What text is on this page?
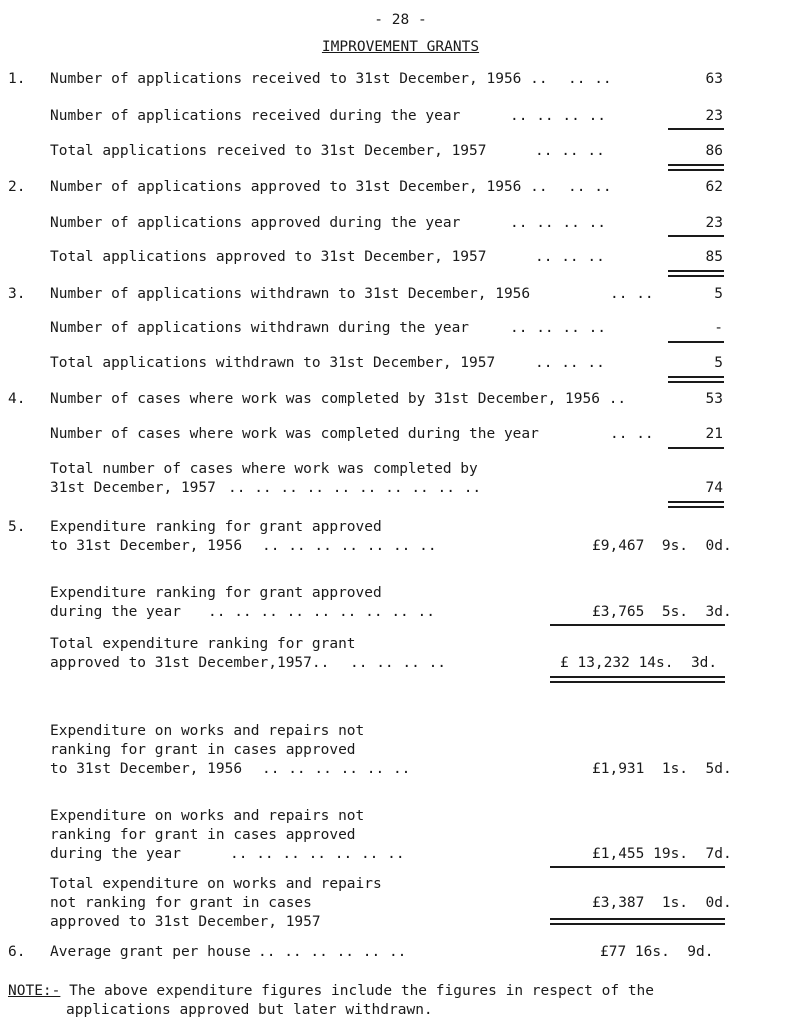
- 28 -
IMPROVEMENT GRANTS
1.	Number of applications received to 31st December, 1956 .. .. ..	63
Number of applications received during the year	.. .. .. ..	23
Total applications received to 31st December, 1957	.. .. ..	86
2.	Number of applications approved to 31st December, 1956 .. .. ..	62
Number of applications approved during the year	.. .. .. ..	23
Total applications approved to 31st December, 1957	.. .. ..	85
3.	Number of applications withdrawn to 31st December, 1956	.. ..	5
Number of applications withdrawn during the year	.. .. .. ..	-
Total applications withdrawn to 31st December, 1957	.. .. ..	5
4.	Number of cases where work was completed by 31st December, 1956 ..	53
Number of cases where work was completed during the year	.. ..	21
Total number of cases where work was completed by
31st December, 1957 .. .. .. .. .. .. .. .. .. ..	74
5.	Expenditure ranking for grant approved
to 31st December, 1956 .. .. .. .. .. .. ..	£9,467  9s.  0d.
Expenditure ranking for grant approved
during the year .. .. .. .. .. .. .. .. ..	£3,765  5s.  3d.
Total expenditure ranking for grant
approved to 31st December,1957.. .. .. .. ..	£ 13,232 14s.  3d.
Expenditure on works and repairs not
ranking for grant in cases approved
to 31st December, 1956 .. .. .. .. .. ..	£1,931  1s.  5d.
Expenditure on works and repairs not
ranking for grant in cases approved
during the year	.. .. .. .. .. .. ..	£1,455 19s.  7d.
Total expenditure on works and repairs
not ranking for grant in cases	£3,387  1s.  0d.
approved to 31st December, 1957
6.	Average grant per house .. .. .. .. .. ..	£77 16s.  9d.
NOTE:- The above expenditure figures include the figures in respect of the
applications approved but later withdrawn.
